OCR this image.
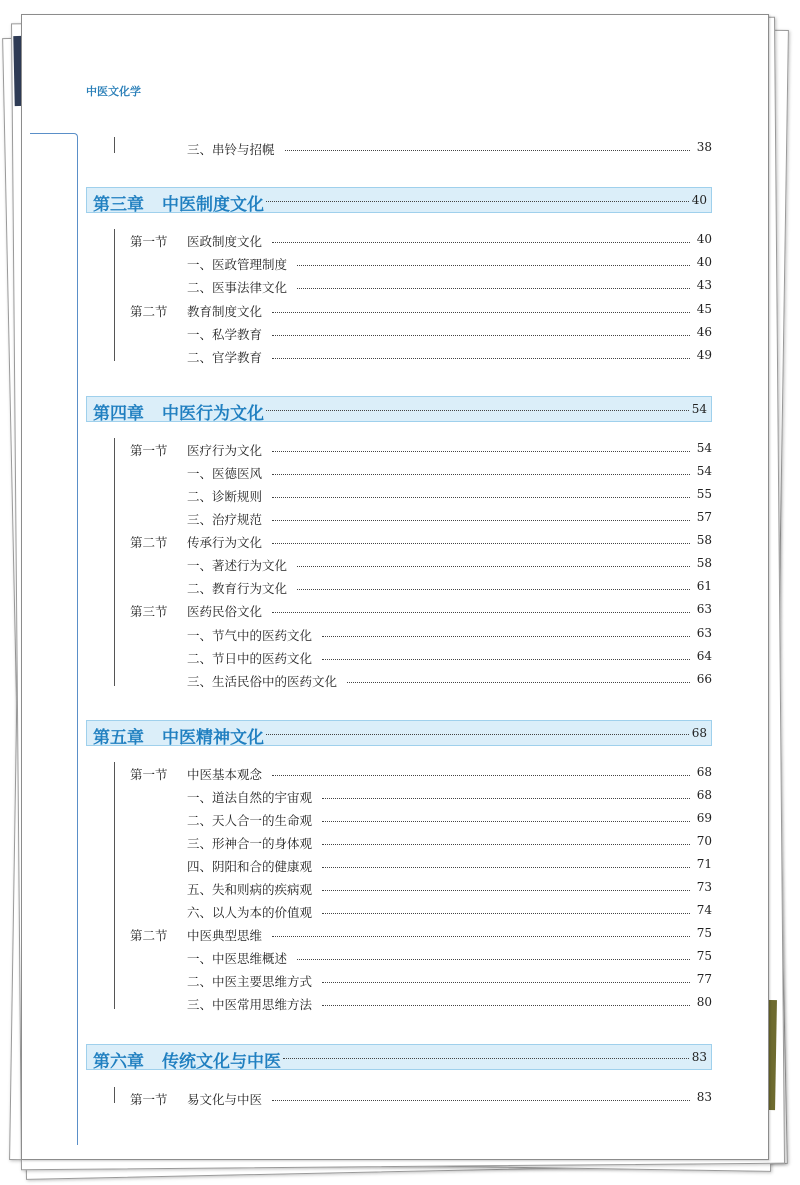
中医文化学
三、串铃与招幌	38
第三章 中医制度文化	40
第一节 医政制度文化	40
一、医政管理制度	40
二、医事法律文化	43
第二节 教育制度文化	45
一、私学教育	46
二、官学教育	49
第四章 中医行为文化	54
第一节 医疗行为文化	54
一、医德医风	54
二、诊断规则	55
三、治疗规范	57
第二节 传承行为文化	58
一、著述行为文化	58
二、教育行为文化	61
第三节 医药民俗文化	63
一、节气中的医药文化	63
二、节日中的医药文化	64
三、生活民俗中的医药文化	66
第五章 中医精神文化	68
第一节 中医基本观念	68
一、道法自然的宇宙观	68
二、天人合一的生命观	69
三、形神合一的身体观	70
四、阴阳和合的健康观	71
五、失和则病的疾病观	73
六、以人为本的价值观	74
第二节 中医典型思维	75
一、中医思维概述	75
二、中医主要思维方式	77
三、中医常用思维方法	80
第六章 传统文化与中医	83
第一节 易文化与中医	83
